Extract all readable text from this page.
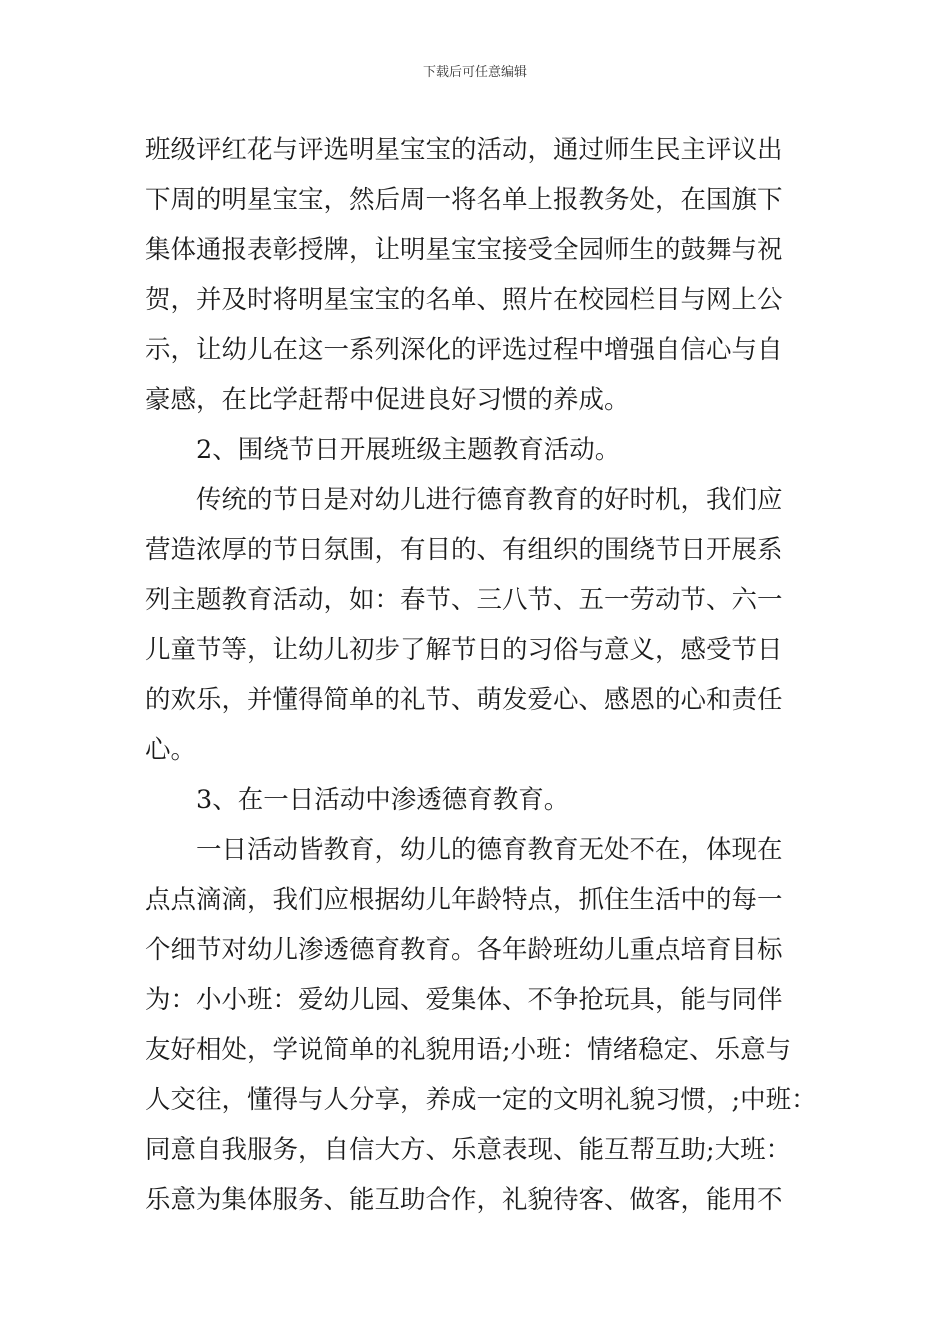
下载后可任意编辑
班级评红花与评选明星宝宝的活动，通过师生民主评议出
下周的明星宝宝，然后周一将名单上报教务处，在国旗下
集体通报表彰授牌，让明星宝宝接受全园师生的鼓舞与祝
贺，并及时将明星宝宝的名单、照片在校园栏目与网上公
示，让幼儿在这一系列深化的评选过程中增强自信心与自
豪感，在比学赶帮中促进良好习惯的养成。
2、围绕节日开展班级主题教育活动。
传统的节日是对幼儿进行德育教育的好时机，我们应
营造浓厚的节日氛围，有目的、有组织的围绕节日开展系
列主题教育活动，如：春节、三八节、五一劳动节、六一
儿童节等，让幼儿初步了解节日的习俗与意义，感受节日
的欢乐，并懂得简单的礼节、萌发爱心、感恩的心和责任
心。
3、在一日活动中渗透德育教育。
一日活动皆教育，幼儿的德育教育无处不在，体现在
点点滴滴，我们应根据幼儿年龄特点，抓住生活中的每一
个细节对幼儿渗透德育教育。各年龄班幼儿重点培育目标
为：小小班：爱幼儿园、爱集体、不争抢玩具，能与同伴
友好相处，学说简单的礼貌用语;小班：情绪稳定、乐意与
人交往，懂得与人分享，养成一定的文明礼貌习惯，;中班：
同意自我服务，自信大方、乐意表现、能互帮互助;大班：
乐意为集体服务、能互助合作，礼貌待客、做客，能用不
